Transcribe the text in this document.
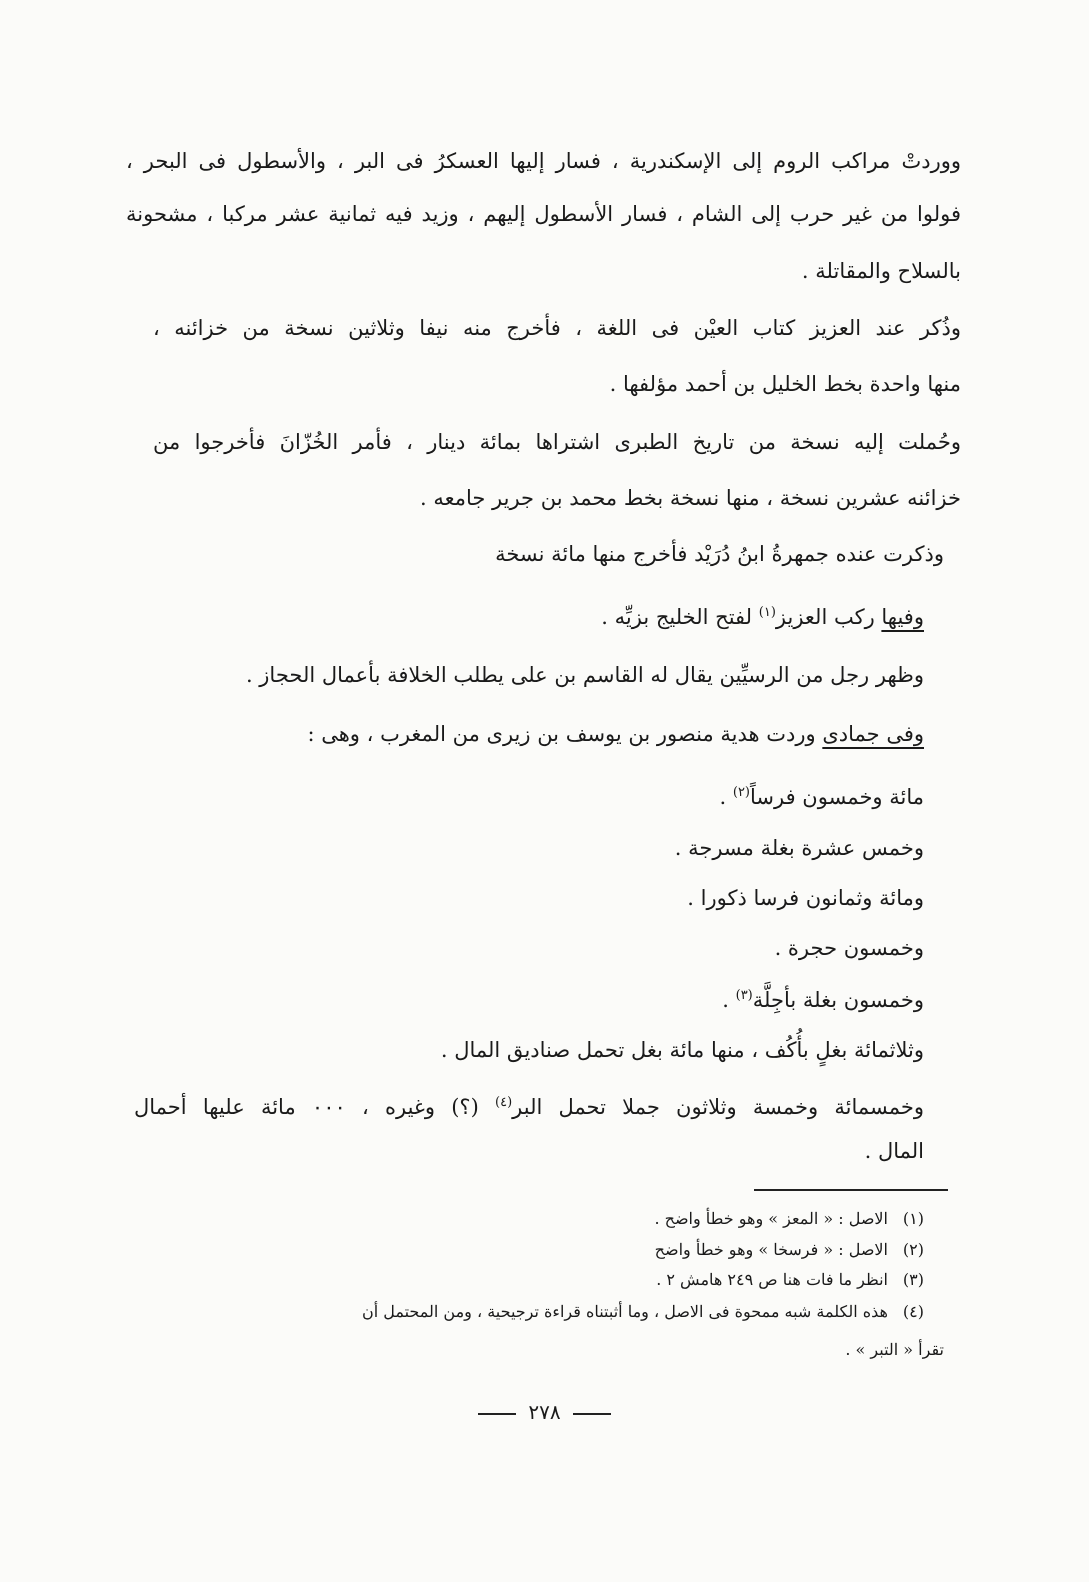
ووردتْ مراكب الروم إلى الإسكندرية ، فسار إليها العسكرُ فى البر ، والأسطول فى البحر ،
فولوا من غير حرب إلى الشام ، فسار الأسطول إليهم ، وزيد فيه ثمانية عشر مركبا ، مشحونة
بالسلاح والمقاتلة .
وذُكر عند العزيز كتاب العيْن فى اللغة ، فأخرج منه نيفا وثلاثين نسخة من خزائنه ،
منها واحدة بخط الخليل بن أحمد مؤلفها .
وحُملت إليه نسخة من تاريخ الطبرى اشتراها بمائة دينار ، فأمر الخُزّانَ فأخرجوا من
خزائنه عشرين نسخة ، منها نسخة بخط محمد بن جرير جامعه .
وذكرت عنده جمهرةُ ابنُ دُرَيْد فأخرج منها مائة نسخة
وفيها ركب العزيز$^{(١)}$ لفتح الخليج بزيِّه .
وظهر رجل من الرسيِّين يقال له القاسم بن على يطلب الخلافة بأعمال الحجاز .
وفى جمادى وردت هدية منصور بن يوسف بن زيرى من المغرب ، وهى :
مائة وخمسون فرساً$^{(٢)}$ .
وخمس عشرة بغلة مسرجة .
ومائة وثمانون فرسا ذكورا .
وخمسون حجرة .
وخمسون بغلة بأجِلَّة$^{(٣)}$ .
وثلاثمائة بغلٍ بأُكُف ، منها مائة بغل تحمل صناديق المال .
وخمسمائة وخمسة وثلاثون جملا تحمل البر$^{(٤)}$ (؟) وغيره ، ٠٠٠ مائة عليها أحمال
المال .
(١)الاصل : « المعز » وهو خطأ واضح .
(٢)الاصل : « فرسخا » وهو خطأ واضح
(٣)انظر ما فات هنا ص ٢٤٩ هامش ٢ .
(٤)هذه الكلمة شبه ممحوة فى الاصل ، وما أثبتناه قراءة ترجيحية ، ومن المحتمل أن
تقرأ « التبر » .
٢٧٨
